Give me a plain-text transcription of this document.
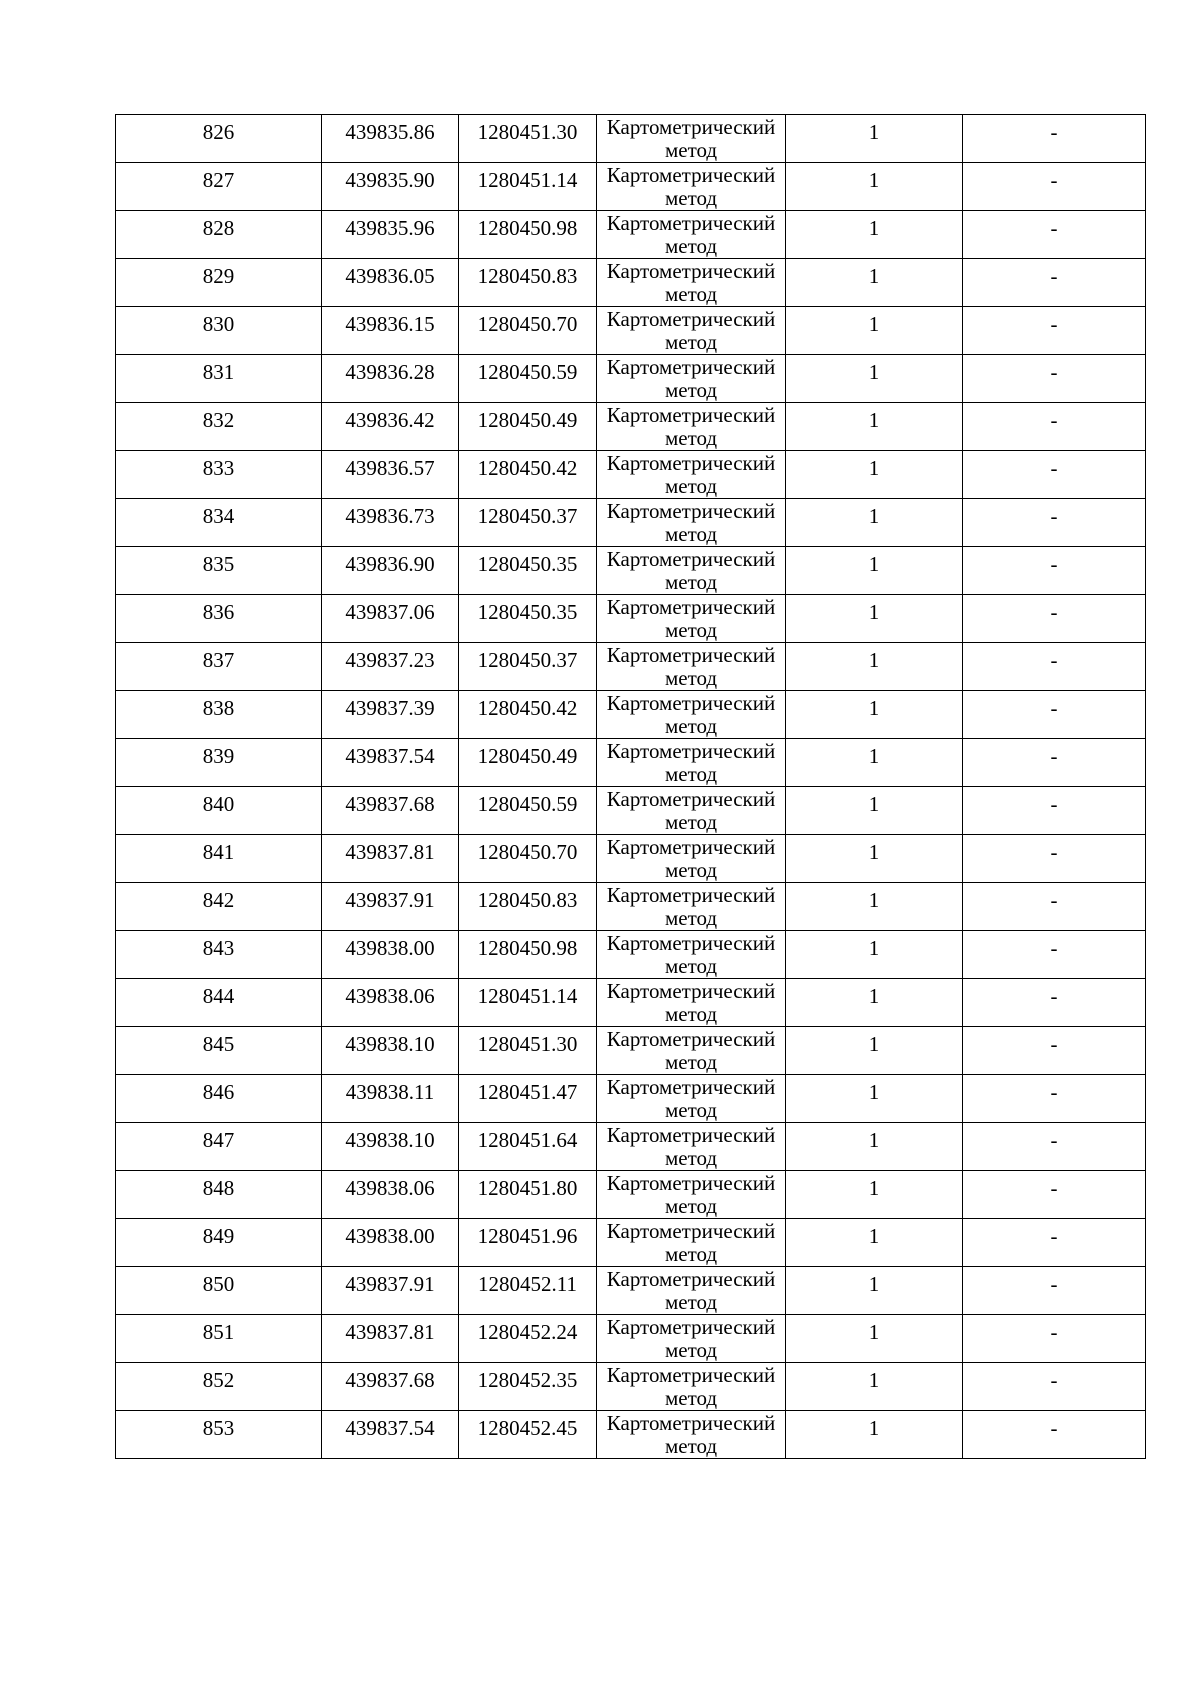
826	439835.86	1280451.30	Картометрический
метод	1	-
827	439835.90	1280451.14	Картометрический
метод	1	-
828	439835.96	1280450.98	Картометрический
метод	1	-
829	439836.05	1280450.83	Картометрический
метод	1	-
830	439836.15	1280450.70	Картометрический
метод	1	-
831	439836.28	1280450.59	Картометрический
метод	1	-
832	439836.42	1280450.49	Картометрический
метод	1	-
833	439836.57	1280450.42	Картометрический
метод	1	-
834	439836.73	1280450.37	Картометрический
метод	1	-
835	439836.90	1280450.35	Картометрический
метод	1	-
836	439837.06	1280450.35	Картометрический
метод	1	-
837	439837.23	1280450.37	Картометрический
метод	1	-
838	439837.39	1280450.42	Картометрический
метод	1	-
839	439837.54	1280450.49	Картометрический
метод	1	-
840	439837.68	1280450.59	Картометрический
метод	1	-
841	439837.81	1280450.70	Картометрический
метод	1	-
842	439837.91	1280450.83	Картометрический
метод	1	-
843	439838.00	1280450.98	Картометрический
метод	1	-
844	439838.06	1280451.14	Картометрический
метод	1	-
845	439838.10	1280451.30	Картометрический
метод	1	-
846	439838.11	1280451.47	Картометрический
метод	1	-
847	439838.10	1280451.64	Картометрический
метод	1	-
848	439838.06	1280451.80	Картометрический
метод	1	-
849	439838.00	1280451.96	Картометрический
метод	1	-
850	439837.91	1280452.11	Картометрический
метод	1	-
851	439837.81	1280452.24	Картометрический
метод	1	-
852	439837.68	1280452.35	Картометрический
метод	1	-
853	439837.54	1280452.45	Картометрический
метод	1	-
